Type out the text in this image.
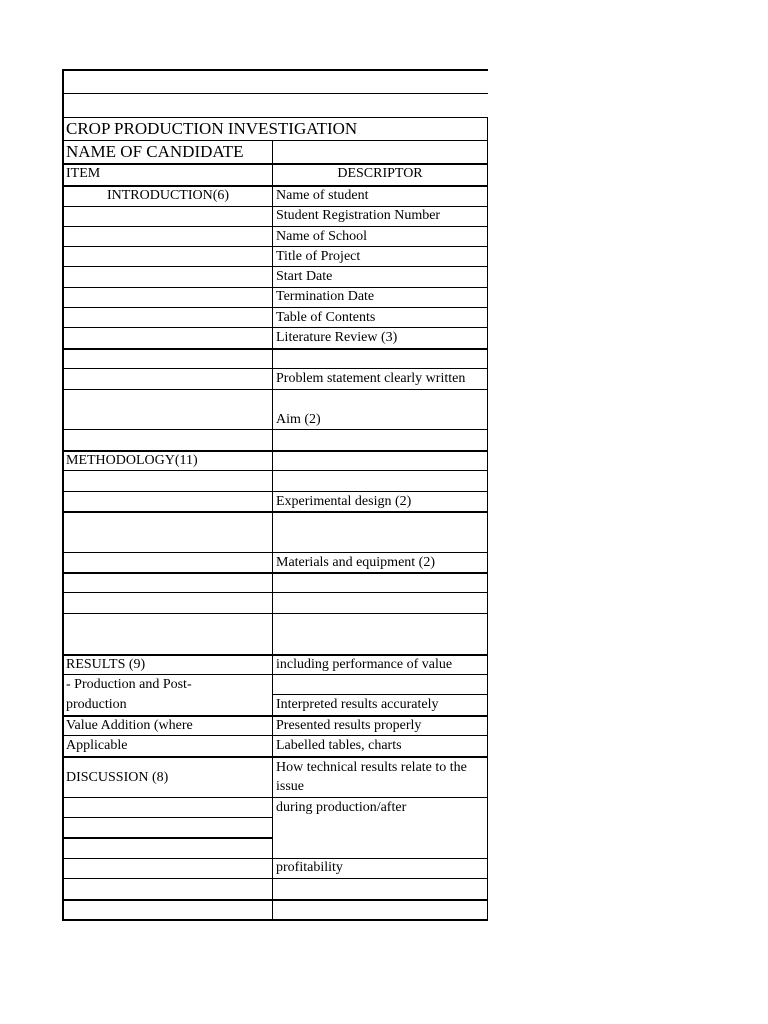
CROP PRODUCTION INVESTIGATION
NAME OF CANDIDATE
ITEM	DESCRIPTOR
INTRODUCTION(6)
METHODOLOGY(11)
RESULTS (9)
- Production and Post-
production
Value Addition (where
Applicable
DISCUSSION (8)
Name of student
Student Registration Number
Name of School
Title of Project
Start Date
Termination Date
Table of Contents
Literature Review (3)
Problem statement clearly written
Aim (2)
Experimental design (2)
Materials and equipment (2)
including performance of value
Interpreted results accurately
Presented results properly
Labelled tables, charts
How technical results relate to the
issue
during production/after
profitability
